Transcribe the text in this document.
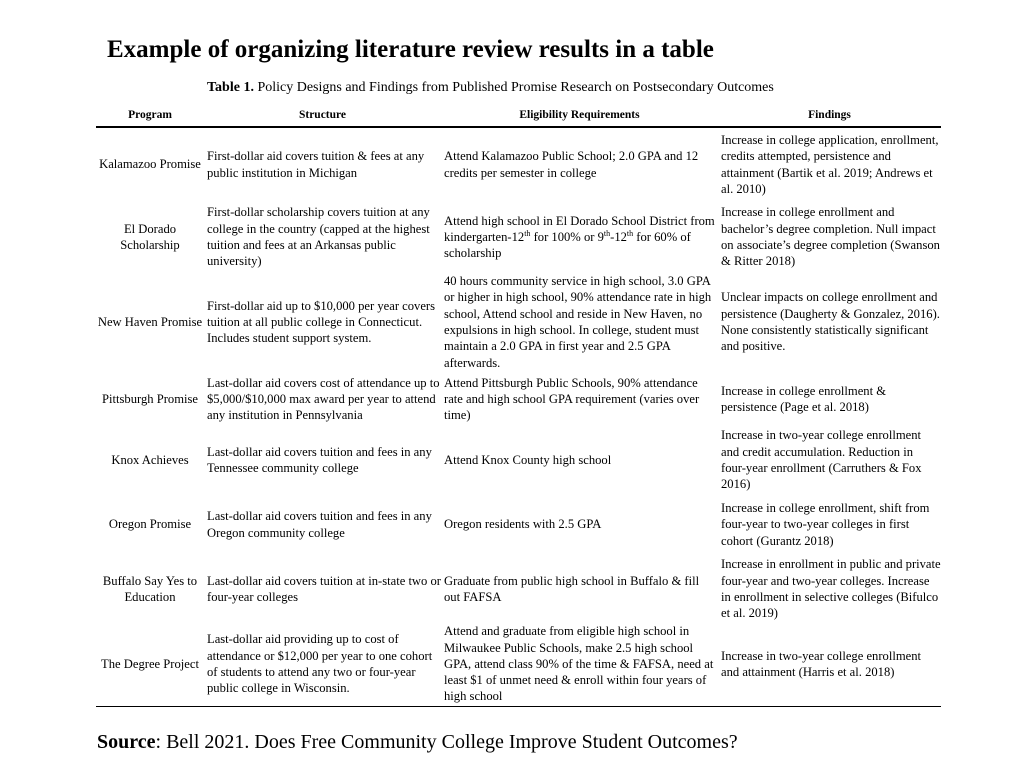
Example of organizing literature review results in a table
Table 1. Policy Designs and Findings from Published Promise Research on Postsecondary Outcomes
Program	Structure	Eligibility Requirements	Findings
Kalamazoo Promise	First-dollar aid covers tuition & fees at any public institution in Michigan	Attend Kalamazoo Public School; 2.0 GPA and 12 credits per semester in college	Increase in college application, enrollment, credits attempted, persistence and attainment (Bartik et al. 2019; Andrews et al. 2010)
El Dorado Scholarship	First-dollar scholarship covers tuition at any college in the country (capped at the highest tuition and fees at an Arkansas public university)	Attend high school in El Dorado School District from kindergarten-12th for 100% or 9th-12th for 60% of scholarship	Increase in college enrollment and bachelor’s degree completion. Null impact on associate’s degree completion (Swanson & Ritter 2018)
New Haven Promise	First-dollar aid up to $10,000 per year covers tuition at all public college in Connecticut. Includes student support system.	40 hours community service in high school, 3.0 GPA or higher in high school, 90% attendance rate in high school, Attend school and reside in New Haven, no expulsions in high school. In college, student must maintain a 2.0 GPA in first year and 2.5 GPA afterwards.	Unclear impacts on college enrollment and persistence (Daugherty & Gonzalez, 2016). None consistently statistically significant and positive.
Pittsburgh Promise	Last-dollar aid covers cost of attendance up to $5,000/$10,000 max award per year to attend any institution in Pennsylvania	Attend Pittsburgh Public Schools, 90% attendance rate and high school GPA requirement (varies over time)	Increase in college enrollment & persistence (Page et al. 2018)
Knox Achieves	Last-dollar aid covers tuition and fees in any Tennessee community college	Attend Knox County high school	Increase in two-year college enrollment and credit accumulation. Reduction in four-year enrollment (Carruthers & Fox 2016)
Oregon Promise	Last-dollar aid covers tuition and fees in any Oregon community college	Oregon residents with 2.5 GPA	Increase in college enrollment, shift from four-year to two-year colleges in first cohort (Gurantz 2018)
Buffalo Say Yes to Education	Last-dollar aid covers tuition at in-state two or four-year colleges	Graduate from public high school in Buffalo & fill out FAFSA	Increase in enrollment in public and private four-year and two-year colleges. Increase in enrollment in selective colleges (Bifulco et al. 2019)
The Degree Project	Last-dollar aid providing up to cost of attendance or $12,000 per year to one cohort of students to attend any two or four-year public college in Wisconsin.	Attend and graduate from eligible high school in Milwaukee Public Schools, make 2.5 high school GPA, attend class 90% of the time & FAFSA, need at least $1 of unmet need & enroll within four years of high school	Increase in two-year college enrollment and attainment (Harris et al. 2018)
Source: Bell 2021. Does Free Community College Improve Student Outcomes?
